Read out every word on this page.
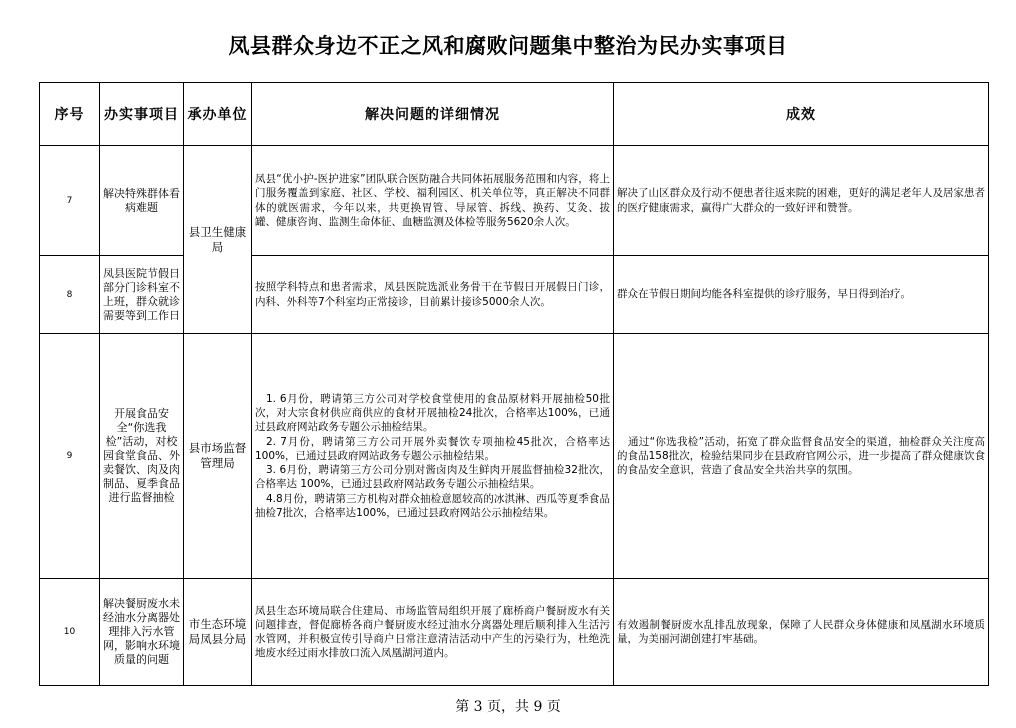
凤县群众身边不正之风和腐败问题集中整治为民办实事项目
序号	办实事项目	承办单位	解决问题的详细情况	成效
7	解决特殊群体看病难题	县卫生健康局	凤县“优小护-医护进家”团队联合医防融合共同体拓展服务范围和内容，将上门服务覆盖到家庭、社区、学校、福利园区、机关单位等，真正解决不同群体的就医需求，今年以来，共更换胃管、导尿管、拆线、换药、艾灸、拔罐、健康咨询、监测生命体征、血糖监测及体检等服务5620余人次。	解决了山区群众及行动不便患者往返来院的困难，更好的满足老年人及居家患者的医疗健康需求，赢得广大群众的一致好评和赞誉。
8	凤县医院节假日部分门诊科室不上班，群众就诊需要等到工作日		按照学科特点和患者需求，凤县医院选派业务骨干在节假日开展假日门诊，内科、外科等7个科室均正常接诊，目前累计接诊5000余人次。	群众在节假日期间均能各科室提供的诊疗服务，早日得到治疗。
9	开展食品安全“你选我检”活动，对校园食堂食品、外卖餐饮、肉及肉制品、夏季食品进行监督抽检	县市场监督管理局	1. 6月份，聘请第三方公司对学校食堂使用的食品原材料开展抽检50批次，对大宗食材供应商供应的食材开展抽检24批次，合格率达100%，已通过县政府网站政务专题公示抽检结果。
2. 7月份，聘请第三方公司开展外卖餐饮专项抽检45批次，合格率达100%，已通过县政府网站政务专题公示抽检结果。
3. 6月份，聘请第三方公司分别对酱卤肉及生鲜肉开展监督抽检32批次，合格率达 100%，已通过县政府网站政务专题公示抽检结果。
4.8月份，聘请第三方机构对群众抽检意愿较高的冰淇淋、西瓜等夏季食品抽检7批次，合格率达100%，已通过县政府网站公示抽检结果。	通过“你选我检”活动，拓宽了群众监督食品安全的渠道，抽检群众关注度高的食品158批次，检验结果同步在县政府官网公示，进一步提高了群众健康饮食的食品安全意识，营造了食品安全共治共享的氛围。
10	解决餐厨废水未经油水分离器处理排入污水管网，影响水环境质量的问题	市生态环境局凤县分局	凤县生态环境局联合住建局、市场监管局组织开展了廊桥商户餐厨废水有关问题排查，督促廊桥各商户餐厨废水经过油水分离器处理后顺利排入生活污水管网，并积极宣传引导商户日常注意清洁活动中产生的污染行为，杜绝洗地废水经过雨水排放口流入凤凰湖河道内。	有效遏制餐厨废水乱排乱放现象，保障了人民群众身体健康和凤凰湖水环境质量，为美丽河湖创建打牢基础。
第 3 页，共 9 页
